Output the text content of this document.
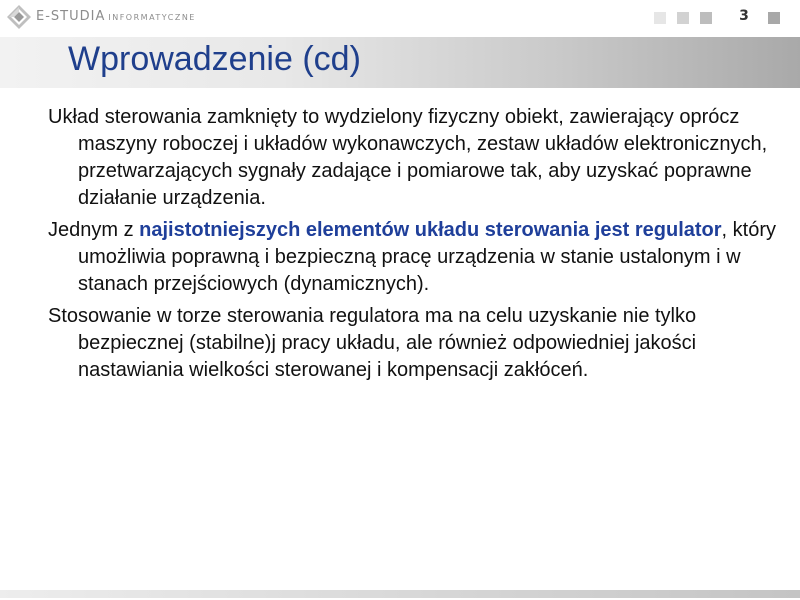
E-STUDIA INFORMATYCZNE	3
Wprowadzenie (cd)

Układ sterowania zamknięty to wydzielony fizyczny obiekt, zawierający oprócz maszyny roboczej i układów wykonawczych, zestaw układów elektronicznych, przetwarzających sygnały zadające i pomiarowe tak, aby uzyskać poprawne działanie urządzenia.

Jednym z najistotniejszych elementów układu sterowania jest regulator, który umożliwia poprawną i bezpieczną pracę urządzenia w stanie ustalonym i w stanach przejściowych (dynamicznych).

Stosowanie w torze sterowania regulatora ma na celu uzyskanie nie tylko bezpiecznej (stabilne)j pracy układu, ale również odpowiedniej jakości nastawiania wielkości sterowanej i kompensacji zakłóceń.
